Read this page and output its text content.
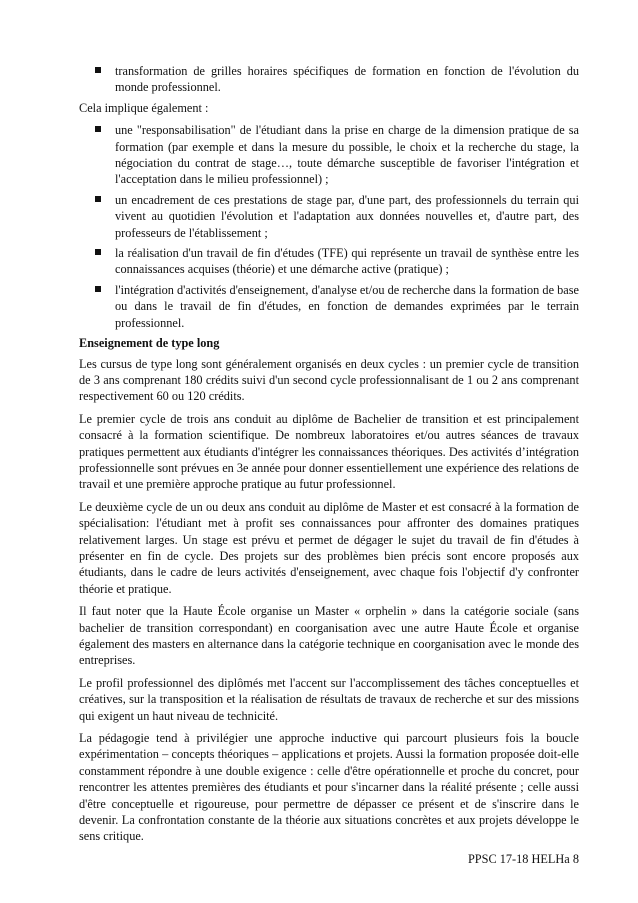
transformation de grilles horaires spécifiques de formation en fonction de l'évolution du monde professionnel.
Cela implique également :
une "responsabilisation" de l'étudiant dans la prise en charge de la dimension pratique de sa formation (par exemple et dans la mesure du possible, le choix et la recherche du stage, la négociation du contrat de stage…, toute démarche susceptible de favoriser l'intégration et l'acceptation dans le milieu professionnel) ;
un encadrement de ces prestations de stage par, d'une part, des professionnels du terrain qui vivent au quotidien l'évolution et l'adaptation aux données nouvelles et, d'autre part, des professeurs de l'établissement ;
la réalisation d'un travail de fin d'études (TFE) qui représente un travail de synthèse entre les connaissances acquises (théorie) et une démarche active (pratique) ;
l'intégration d'activités d'enseignement, d'analyse et/ou de recherche dans la formation de base ou dans le travail de fin d'études, en fonction de demandes exprimées par le terrain professionnel.
Enseignement de type long

Les cursus de type long sont généralement organisés en deux cycles : un premier cycle de transition de 3 ans comprenant 180 crédits suivi d'un second cycle professionnalisant de 1 ou 2 ans comprenant respectivement 60 ou 120 crédits.

Le premier cycle de trois ans conduit au diplôme de Bachelier de transition et est principalement consacré à la formation scientifique. De nombreux laboratoires et/ou autres séances de travaux pratiques permettent aux étudiants d'intégrer les connaissances théoriques. Des activités d’intégration professionnelle sont prévues en 3e année pour donner essentiellement une expérience des relations de travail et une première approche pratique au futur professionnel.

Le deuxième cycle de un ou deux ans conduit au diplôme de Master et est consacré à la formation de spécialisation: l'étudiant met à profit ses connaissances pour affronter des domaines pratiques relativement larges. Un stage est prévu et permet de dégager le sujet du travail de fin d'études à présenter en fin de cycle. Des projets sur des problèmes bien précis sont encore proposés aux étudiants, dans le cadre de leurs activités d'enseignement, avec chaque fois l'objectif d'y confronter théorie et pratique.

Il faut noter que la Haute École organise un Master « orphelin » dans la catégorie sociale (sans bachelier de transition correspondant) en coorganisation avec une autre Haute École et organise également des masters en alternance dans la catégorie technique en coorganisation avec le monde des entreprises.

Le profil professionnel des diplômés met l'accent sur l'accomplissement des tâches conceptuelles et créatives, sur la transposition et la réalisation de résultats de travaux de recherche et sur des missions qui exigent un haut niveau de technicité.

La pédagogie tend à privilégier une approche inductive qui parcourt plusieurs fois la boucle expérimentation – concepts théoriques – applications et projets. Aussi la formation proposée doit-elle constamment répondre à une double exigence : celle d'être opérationnelle et proche du concret, pour rencontrer les attentes premières des étudiants et pour s'incarner dans la réalité présente ; celle aussi d'être conceptuelle et rigoureuse, pour permettre de dépasser ce présent et de s'inscrire dans le devenir. La confrontation constante de la théorie aux situations concrètes et aux projets développe le sens critique.

PPSC 17-18 HELHa 8
